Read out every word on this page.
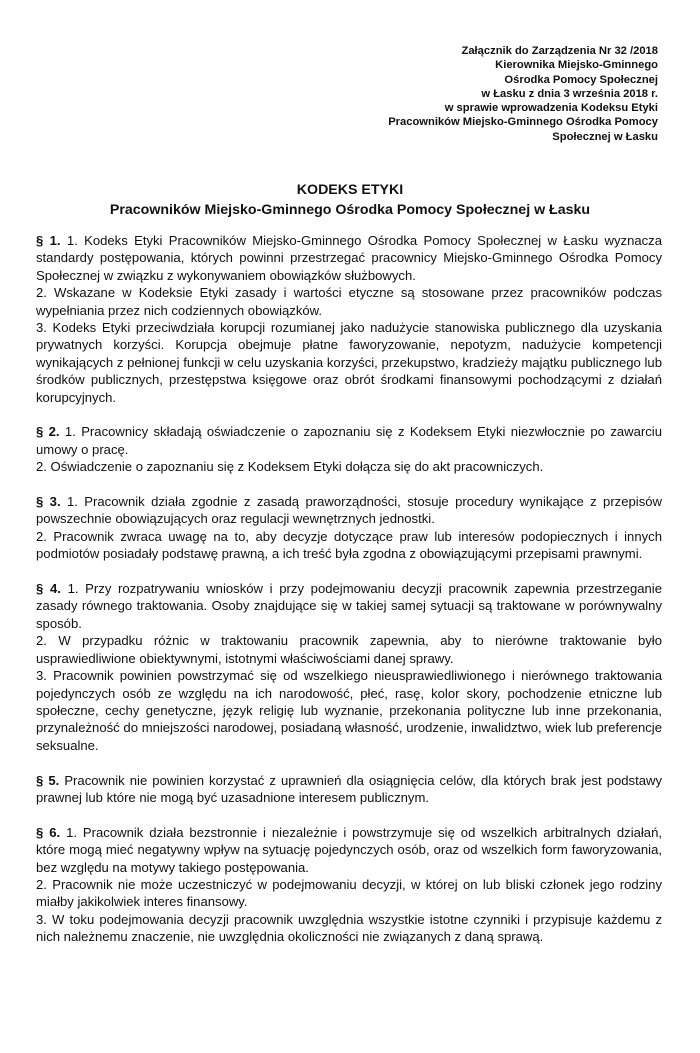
Załącznik do Zarządzenia Nr 32 /2018
Kierownika Miejsko-Gminnego
Ośrodka Pomocy Społecznej
w Łasku z dnia 3 września 2018 r.
w sprawie wprowadzenia Kodeksu Etyki
Pracowników Miejsko-Gminnego Ośrodka Pomocy
Społecznej w Łasku
KODEKS ETYKI
Pracowników Miejsko-Gminnego Ośrodka Pomocy Społecznej w Łasku

§ 1. 1. Kodeks Etyki Pracowników Miejsko-Gminnego Ośrodka Pomocy Społecznej w Łasku wyznacza standardy postępowania, których powinni przestrzegać pracownicy Miejsko-Gminnego Ośrodka Pomocy Społecznej w związku z wykonywaniem obowiązków służbowych.

2. Wskazane w Kodeksie Etyki zasady i wartości etyczne są stosowane przez pracowników podczas wypełniania przez nich codziennych obowiązków.

3. Kodeks Etyki przeciwdziała korupcji rozumianej jako nadużycie stanowiska publicznego dla uzyskania prywatnych korzyści. Korupcja obejmuje płatne faworyzowanie, nepotyzm, nadużycie kompetencji wynikających z pełnionej funkcji w celu uzyskania korzyści, przekupstwo, kradzieży majątku publicznego lub środków publicznych, przestępstwa księgowe oraz obrót środkami finansowymi pochodzącymi z działań korupcyjnych.

§ 2. 1. Pracownicy składają oświadczenie o zapoznaniu się z Kodeksem Etyki niezwłocznie po zawarciu umowy o pracę.

2. Oświadczenie o zapoznaniu się z Kodeksem Etyki dołącza się do akt pracowniczych.

§ 3. 1. Pracownik działa zgodnie z zasadą praworządności, stosuje procedury wynikające z przepisów powszechnie obowiązujących oraz regulacji wewnętrznych jednostki.

2. Pracownik zwraca uwagę na to, aby decyzje dotyczące praw lub interesów podopiecznych i innych podmiotów posiadały podstawę prawną, a ich treść była zgodna z obowiązującymi przepisami prawnymi.

§ 4. 1. Przy rozpatrywaniu wniosków i przy podejmowaniu decyzji pracownik zapewnia przestrzeganie zasady równego traktowania. Osoby znajdujące się w takiej samej sytuacji są traktowane w porównywalny sposób.

2. W przypadku różnic w traktowaniu pracownik zapewnia, aby to nierówne traktowanie było usprawiedliwione obiektywnymi, istotnymi właściwościami danej sprawy.

3. Pracownik powinien powstrzymać się od wszelkiego nieusprawiedliwionego i nierównego traktowania pojedynczych osób ze względu na ich narodowość, płeć, rasę, kolor skory, pochodzenie etniczne lub społeczne, cechy genetyczne, język religię lub wyznanie, przekonania polityczne lub inne przekonania, przynależność do mniejszości narodowej, posiadaną własność, urodzenie, inwalidztwo, wiek lub preferencje seksualne.

§ 5. Pracownik nie powinien korzystać z uprawnień dla osiągnięcia celów, dla których brak jest podstawy prawnej lub które nie mogą być uzasadnione interesem publicznym.

§ 6. 1. Pracownik działa bezstronnie i niezależnie i powstrzymuje się od wszelkich arbitralnych działań, które mogą mieć negatywny wpływ na sytuację pojedynczych osób, oraz od wszelkich form faworyzowania, bez względu na motywy takiego postępowania.

2. Pracownik nie może uczestniczyć w podejmowaniu decyzji, w której on lub bliski członek jego rodziny miałby jakikolwiek interes finansowy.

3. W toku podejmowania decyzji pracownik uwzględnia wszystkie istotne czynniki i przypisuje każdemu z nich należnemu znaczenie, nie uwzględnia okoliczności nie związanych z daną sprawą.
